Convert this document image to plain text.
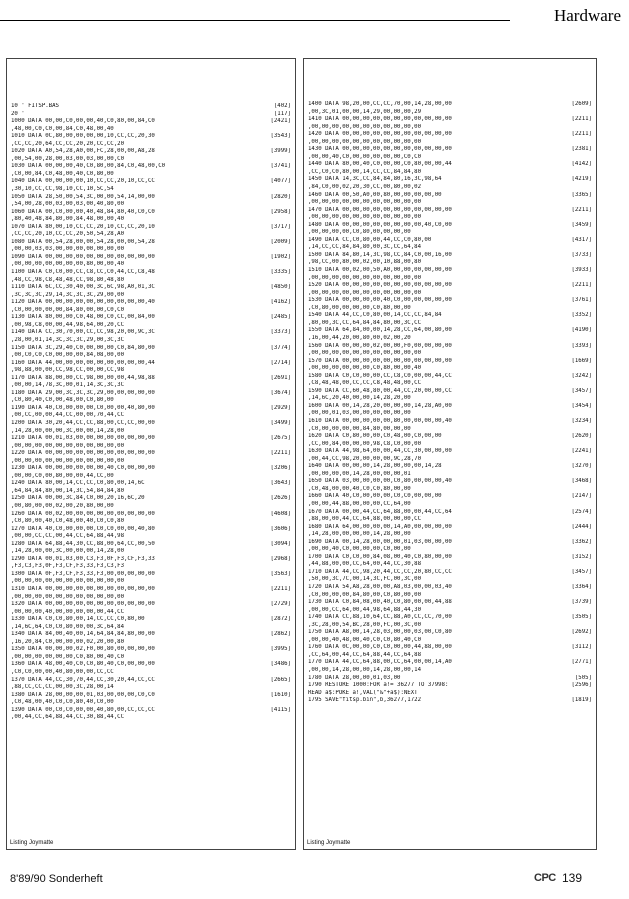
Hardware
10 ' FITSP.BAS	[402]
20 '	[117]
1000 DATA 00,00,C0,00,00,40,C0,80,00,84,C0	[2421]
,48,00,C0,C0,00,84,C0,48,00,40
1010 DATA 0C,80,00,00,00,00,10,CC,CC,20,30	[3543]
,CC,CC,20,64,CC,CC,20,20,CC,CC,20
1020 DATA A0,54,28,A0,00,FC,28,00,00,A8,28	[3999]
,00,54,00,28,00,03,00,03,00,00,C0
1030 DATA 00,00,00,40,C0,80,00,84,C0,48,00,C0	[3741]
,C0,00,84,C0,48,00,40,C0,80,00
1040 DATA 00,00,00,00,10,CC,CC,20,10,CC,CC	[4077]
,30,10,CC,CC,98,10,CC,10,5C,54
1050 DATA 28,50,00,54,3C,00,00,54,14,00,00	[2820]
,54,00,28,00,03,00,03,00,40,80,00
1060 DATA 00,C0,00,00,40,48,84,80,40,C0,C0	[2958]
,80,40,48,84,80,00,84,48,00,00,40
1070 DATA 80,00,10,CC,CC,20,10,CC,CC,20,10	[3717]
,CC,CC,20,10,CC,CC,20,50,54,28,A0
1080 DATA 00,54,28,00,00,54,28,00,00,54,28	[2009]
,00,00,03,03,00,00,00,00,00,00,00
1090 DATA 00,00,00,00,00,00,00,00,00,00,00	[1902]
,00,00,00,00,00,00,00,80,00,00,40
1100 DATA C0,C0,00,CC,C8,CC,C0,44,CC,C8,48	[3335]
,48,CC,98,C8,48,48,CC,98,80,48,80
1110 DATA 6C,CC,30,40,00,3C,6C,98,A0,01,3C	[4850]
,3C,3C,3C,29,14,3C,3C,3C,29,00,00
1120 DATA 00,00,00,00,00,00,00,00,00,00,40	[4162]
,C0,00,00,00,00,84,80,00,00,C0,C0
1130 DATA 80,00,00,C0,48,00,C0,CC,00,84,00	[2485]
,00,98,C8,00,00,44,98,64,00,20,CC
1140 DATA CC,30,70,00,CC,CC,98,20,00,9C,3C	[3373]
,28,00,01,14,3C,3C,3C,29,00,3C,3C
1150 DATA 3C,29,40,C0,00,00,00,C0,84,80,00	[3774]
,00,C0,C0,C0,00,00,00,84,08,00,00
1160 DATA 44,00,00,00,00,00,00,00,00,00,44	[2714]
,98,88,00,00,CC,98,CC,00,00,CC,98
1170 DATA 88,00,00,CC,98,00,00,00,44,98,88	[2691]
,00,00,14,78,3C,00,01,14,3C,3C,3C
1180 DATA 29,00,3C,3C,3C,29,00,00,00,00,00	[3674]
,C0,80,40,C0,00,48,00,C0,80,00
1190 DATA 40,C0,00,00,00,C0,00,00,40,80,00	[2929]
,00,CC,00,00,44,CC,00,00,70,44,CC
1200 DATA 30,20,44,CC,CC,88,00,CC,CC,00,00	[3499]
,14,28,00,00,00,3C,00,00,14,28,00
1210 DATA 00,01,03,00,00,00,00,00,00,00,00	[2675]
,00,00,00,00,00,00,00,00,00,00,00
1220 DATA 00,00,00,00,00,00,00,00,00,00,00	[2211]
,00,00,00,00,00,00,00,00,00,00,00
1230 DATA 00,00,00,00,00,00,40,C0,00,00,00	[3206]
,00,00,C0,00,80,00,00,44,CC,00
1240 DATA 80,00,14,CC,CC,C0,80,00,14,6C	[3643]
,64,84,84,80,00,14,3C,54,84,84,80
1250 DATA 00,00,3C,84,C0,00,20,16,6C,20	[2626]
,00,80,00,00,02,00,20,80,00,00
1260 DATA 00,02,00,00,00,00,00,00,00,00,00	[4608]
,C0,80,00,40,C0,48,00,40,C0,C0,80
1270 DATA 40,C0,00,00,00,C0,C0,00,00,40,80	[3606]
,00,00,CC,CC,00,44,CC,64,88,44,98
1280 DATA 64,88,44,30,CC,88,00,64,CC,00,50	[3094]
,14,28,00,00,3C,00,00,00,14,28,00
1290 DATA 00,01,03,00,C3,F3,0F,F3,CF,F3,33	[2968]
,F3,C3,F3,0F,F3,CF,F3,33,F3,C3,F3
1300 DATA 0F,F3,CF,F3,33,F3,00,00,00,00,00	[3563]
,00,00,00,00,00,00,00,00,00,00,00
1310 DATA 00,00,00,00,00,00,00,00,00,00,00	[2211]
,00,00,00,00,00,00,00,00,00,00,00
1320 DATA 00,00,00,00,00,00,00,00,00,00,00	[2729]
,00,00,00,40,00,00,00,00,00,44,CC
1330 DATA C0,C0,80,00,14,CC,CC,C0,80,00	[2872]
,14,6C,64,C0,C0,80,00,00,3C,64,84
1340 DATA 84,00,40,00,14,64,84,84,80,00,00	[2862]
,16,20,84,C0,00,00,00,02,20,00,80
1350 DATA 00,00,00,02,F0,00,80,00,00,00,00	[3995]
,00,00,00,00,00,00,C0,80,00,40,C0
1360 DATA 48,00,40,C0,C0,80,40,C0,00,00,00	[3486]
,C0,C0,00,00,40,80,00,00,CC,CC
1370 DATA 44,CC,30,70,44,CC,30,20,44,CC,CC	[2665]
,88,CC,CC,CC,00,00,3C,28,00,14
1380 DATA 28,00,00,00,01,03,00,00,00,C0,C0	[1610]
,C0,48,00,40,C0,C0,80,40,C0,00
1390 DATA 00,C0,C0,00,00,40,80,00,CC,CC,CC	[4115]
,00,44,CC,64,88,44,CC,30,88,44,CC
Listing Joymatte
1400 DATA 98,20,00,CC,CC,70,00,14,28,00,00	[2609]
,00,3C,01,00,00,14,29,00,00,00,29
1410 DATA 00,00,00,00,00,00,00,00,00,00,00	[2211]
,00,00,00,00,00,00,00,00,00,00,00
1420 DATA 00,00,00,00,00,00,00,00,00,00,00	[2211]
,00,00,00,00,00,00,00,00,00,00,00
1430 DATA 00,00,00,00,00,00,00,00,00,00,00	[2381]
,00,00,40,C0,00,00,00,00,00,C0,C0
1440 DATA 80,00,40,C0,00,00,C0,80,00,00,44	[4142]
,CC,C0,C0,80,00,14,CC,CC,84,84,80
1450 DATA 14,3C,CC,84,84,80,16,3C,98,64	[4219]
,84,C0,00,02,20,30,CC,00,80,00,02
1460 DATA 00,50,A0,00,80,00,00,00,00,00	[3365]
,00,00,00,00,00,00,00,00,00,00,00
1470 DATA 00,00,00,00,00,00,00,00,00,00,00	[2211]
,00,00,00,00,00,00,00,00,00,00,00
1480 DATA 00,00,00,00,00,00,00,00,40,C0,00	[3459]
,00,00,00,00,C0,80,00,00,00,00
1490 DATA CC,C0,80,00,44,CC,C0,80,00	[4317]
,14,CC,CC,84,84,80,00,3C,CC,64,84
1500 DATA 84,80,14,3C,98,CC,84,C0,00,16,00	[3733]
,98,CC,00,80,00,02,00,10,88,00,80
1510 DATA 00,02,00,50,A0,00,00,00,00,00,00	[3933]
,00,00,00,00,00,00,00,00,00,00,00
1520 DATA 00,00,00,00,00,00,00,00,00,00,00	[2211]
,00,00,00,00,00,00,00,00,00,00,00
1530 DATA 00,00,00,00,40,C0,00,00,00,00,00	[3761]
,C0,80,00,00,00,00,C0,80,00,00
1540 DATA 44,CC,C0,80,00,14,CC,CC,84,84	[3352]
,80,00,3C,CC,64,84,84,80,00,3C,CC
1550 DATA 64,84,00,00,14,28,CC,64,00,80,00	[4190]
,16,00,44,20,00,80,00,02,00,20
1560 DATA 00,00,00,02,00,00,F0,00,00,00,00	[3393]
,00,00,00,00,00,00,00,00,00,00,00
1570 DATA 00,00,00,00,00,00,00,00,00,00,00	[1669]
,00,00,00,00,00,00,C0,80,00,00,40
1580 DATA C0,C0,00,00,CC,C8,C0,00,00,44,CC	[3242]
,C8,48,48,00,CC,CC,C8,48,48,00,CC
1590 DATA CC,60,48,80,00,44,CC,20,00,00,CC	[3457]
,14,6C,20,40,00,00,14,28,20,00
1600 DATA 00,14,28,20,00,00,00,14,28,A0,00	[3454]
,00,00,01,03,00,00,00,00,00,00
1610 DATA 00,00,00,00,00,80,00,00,00,00,40	[3234]
,C0,00,00,00,00,84,80,00,00,00
1620 DATA C0,80,00,00,C0,48,00,C0,00,00	[2620]
,CC,00,84,00,00,00,98,C8,C0,00,00
1630 DATA 44,98,64,00,00,44,CC,30,00,00,00	[2241]
,00,44,CC,98,20,00,00,00,9C,28,70
1640 DATA 00,00,00,14,28,00,00,00,14,28	[3270]
,00,00,00,00,14,28,00,00,00,01
1650 DATA 03,00,00,00,00,C0,80,00,00,00,40	[3468]
,C0,48,00,00,40,C0,C0,80,00,00
1660 DATA 40,C0,00,00,00,C0,C0,00,00,00	[2147]
,00,00,44,88,00,00,00,CC,64,00
1670 DATA 00,00,44,CC,64,88,00,00,44,CC,64	[2574]
,88,00,00,44,CC,64,88,00,00,00,CC
1680 DATA 64,00,00,00,00,14,A0,00,00,00,00	[2444]
,14,28,00,00,00,00,14,28,00,00
1690 DATA 00,14,28,00,00,00,01,03,00,00,00	[3362]
,00,00,40,C0,00,00,00,C0,00,00
1700 DATA C0,C0,00,84,08,00,40,C0,80,00,00	[3152]
,44,88,00,00,CC,64,00,44,CC,30,88
1710 DATA 44,CC,98,20,44,CC,CC,20,80,CC,CC	[3457]
,50,00,3C,7C,00,14,3C,FC,00,3C,00
1720 DATA 54,A8,28,00,00,A8,03,00,00,03,40	[3364]
,C0,00,00,00,84,80,00,C0,80,00,00
1730 DATA C0,84,08,00,40,C0,80,00,00,44,88	[3739]
,00,00,CC,64,00,44,98,64,88,44,30
1740 DATA CC,88,10,64,CC,88,A0,CC,CC,70,00	[3505]
,3C,28,00,54,BC,28,00,FC,00,3C,00
1750 DATA A8,00,14,28,03,00,00,03,00,C0,80	[2692]
,00,00,40,48,00,40,C0,C0,80,40,C0
1760 DATA 0C,00,00,C0,C0,00,00,44,88,00,00	[3112]
,CC,64,00,44,CC,64,88,44,CC,64,88
1770 DATA 44,CC,64,88,00,CC,64,00,00,14,A0	[2771]
,00,00,14,28,00,00,14,28,00,00,14
1780 DATA 28,00,00,01,03,00	[505]
1790 RESTORE 1000:FOR a!= 36277 TO 37998:	[2596]
READ a$:POKE a!,VAL("&"+a$):NEXT
1795 SAVE"fitsp.bin",b,36277,1722	[1819]
Listing Joymatte
8'89/90 Sonderheft	CPC 139
